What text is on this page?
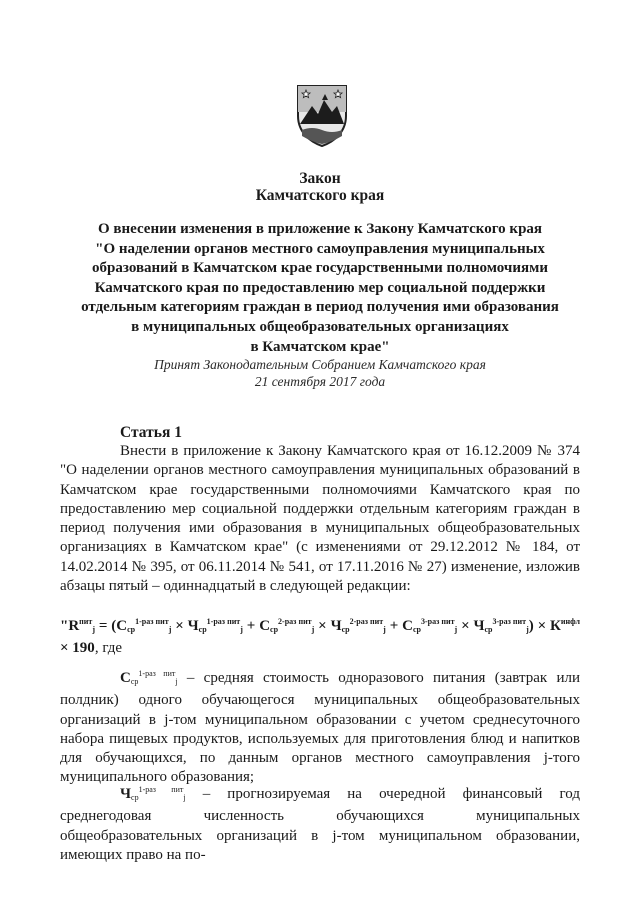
Закон
Камчатского края
О внесении изменения в приложение к Закону Камчатского края
"О наделении органов местного самоуправления муниципальных
образований в Камчатском крае государственными полномочиями
Камчатского края по предоставлению мер социальной поддержки
отдельным категориям граждан в период получения ими образования
в муниципальных общеобразовательных организациях
в Камчатском крае"
Принят Законодательным Собранием Камчатского края
21 сентября 2017 года
Статья 1

Внести в приложение к Закону Камчатского края от 16.12.2009 № 374 "О наделении органов местного самоуправления муниципальных образований в Камчатском крае государственными полномочиями Камчатского края по предоставлению мер социальной поддержки отдельным категориям граждан в период получения ими образования в муниципальных общеобразовательных организациях в Камчатском крае" (с изменениями от 29.12.2012 № 184, от 14.02.2014 № 395, от 06.11.2014 № 541, от 17.11.2016 № 27) изменение, изложив абзацы пятый – одиннадцатый в следующей редакции:

"$R^{пит}_j = (С_{ср}^{1-раз пит}_j \times Ч_{ср}^{1-раз пит}_j + С_{ср}^{2-раз пит}_j \times Ч_{ср}^{2-раз пит}_j + С_{ср}^{3-раз пит}_j \times Ч_{ср}^{3-раз пит}_j) \times К^{инфл} \times 190$, где

$С_{ср}^{1-раз пит}_j$ – средняя стоимость одноразового питания (завтрак или полдник) одного обучающегося муниципальных общеобразовательных организаций в j-том муниципальном образовании с учетом среднесуточного набора пищевых продуктов, используемых для приготовления блюд и напитков для обучающихся, по данным органов местного самоуправления j-того муниципального образования;

$Ч_{ср}^{1-раз пит}_j$ – прогнозируемая на очередной финансовый год среднегодовая численность обучающихся муниципальных общеобразовательных организаций в j-том муниципальном образовании, имеющих право на по-
